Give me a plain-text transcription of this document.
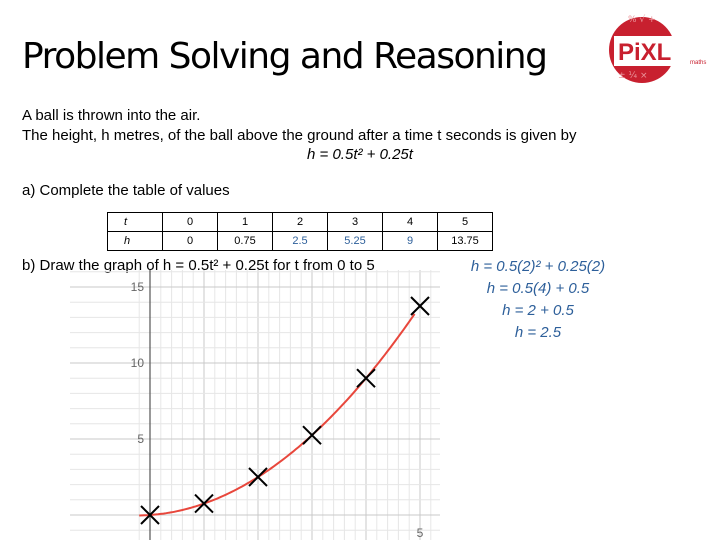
Problem Solving and Reasoning
% √ +
± ¼ ×
PiXL	maths
A ball is thrown into the air.
The height, h metres, of the ball above the ground after a time t seconds is given by
h = 0.5t² + 0.25t
a) Complete the table of values
t	0	1	2	3	4	5
h	0	0.75	2.5	5.25	9	13.75
b) Draw the graph of h = 0.5t² + 0.25t for t from 0 to 5	h = 0.5(2)² + 0.25(2)
h = 0.5(4) + 0.5
h = 2 + 0.5
h = 2.5
15
10
5
5
